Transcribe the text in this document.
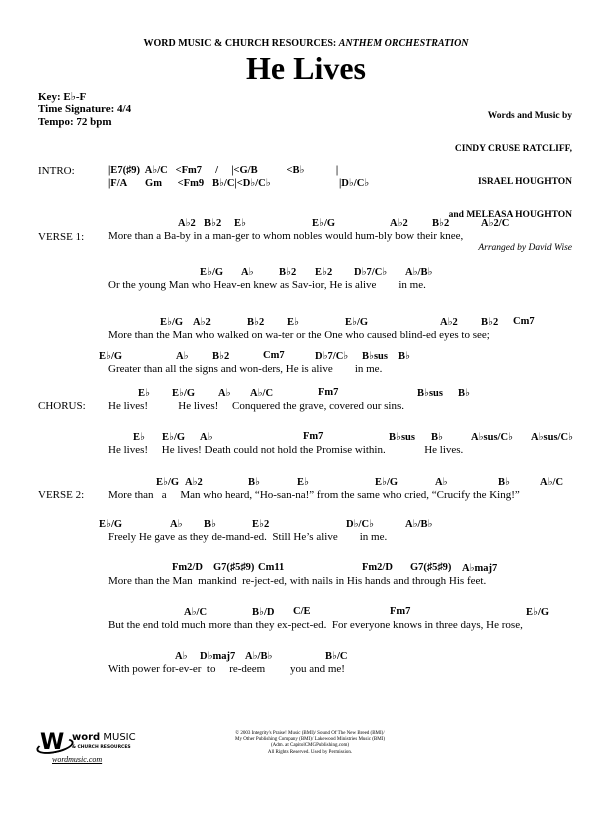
WORD MUSIC & CHURCH RESOURCES: ANTHEM ORCHESTRATION
He Lives
Key: E♭-F
Time Signature: 4/4
Tempo: 72 bpm

	Words and Music by

CINDY CRUSE RATCLIFF,

ISRAEL HOUGHTON

and MELEASA HOUGHTON

Arranged by David Wise

INTRO:	|E7(♯9)  A♭/C   <Fm7     /     |<G/B           <B♭            |
|F/A       Gm      <Fm9   B♭/C|<D♭/C♭                          |D♭/C♭
VERSE 1:
CHORUS:
VERSE 2:
A♭2 B♭2 E♭	E♭/G	A♭2 B♭2	A♭2/C
More than a Ba-by in a man-ger to whom nobles would hum-bly bow their knee,
E♭/G A♭ B♭2 E♭2 D♭7/C♭ A♭/B♭
Or the young Man who Heav-en knew as Sav-ior, He is alive        in me.
E♭/G A♭2	B♭2 E♭	E♭/G	A♭2 B♭2 Cm7
More than the Man who walked on wa-ter or the One who caused blind-ed eyes to see;
E♭/G	A♭ B♭2	Cm7	D♭7/C♭ B♭sus B♭
Greater than all the signs and won-ders, He is alive        in me.
E♭ E♭/G A♭ A♭/C	Fm7	B♭sus B♭
He lives!           He lives!     Conquered the grave, covered our sins.
E♭ E♭/G A♭	Fm7	B♭sus B♭	A♭sus/C♭ A♭sus/C♭
He lives!     He lives! Death could not hold the Promise within.              He lives.
E♭/G A♭2	B♭	E♭	E♭/G	A♭	B♭	A♭/C
More than   a     Man who heard, “Ho-san-na!” from the same who cried, “Crucify the King!”
E♭/G	A♭ B♭	E♭2	D♭/C♭	A♭/B♭
Freely He gave as they de-mand-ed.  Still He’s alive        in me.
Fm2/D G7(♯5♯9) Cm11	Fm2/D G7(♯5♯9) A♭maj7
More than the Man  mankind  re-ject-ed, with nails in His hands and through His feet.
A♭/C	B♭/D C/E	Fm7	E♭/G
But the end told much more than they ex-pect-ed.  For everyone knows in three days, He rose,
A♭ D♭maj7 A♭/B♭	B♭/C
With power for-ev-er  to     re-deem         you and me!

W

word MUSIC

& CHURCH RESOURCES

wordmusic.com
© 2003 Integrity's Praise! Music (BMI)/ Sound Of The New Breed (BMI)/
My Other Publishing Company (BMI)/ Lakewood Ministries Music (BMI)
(Adm. at CapitolCMGPublishing.com)
All Rights Reserved. Used by Permission.
